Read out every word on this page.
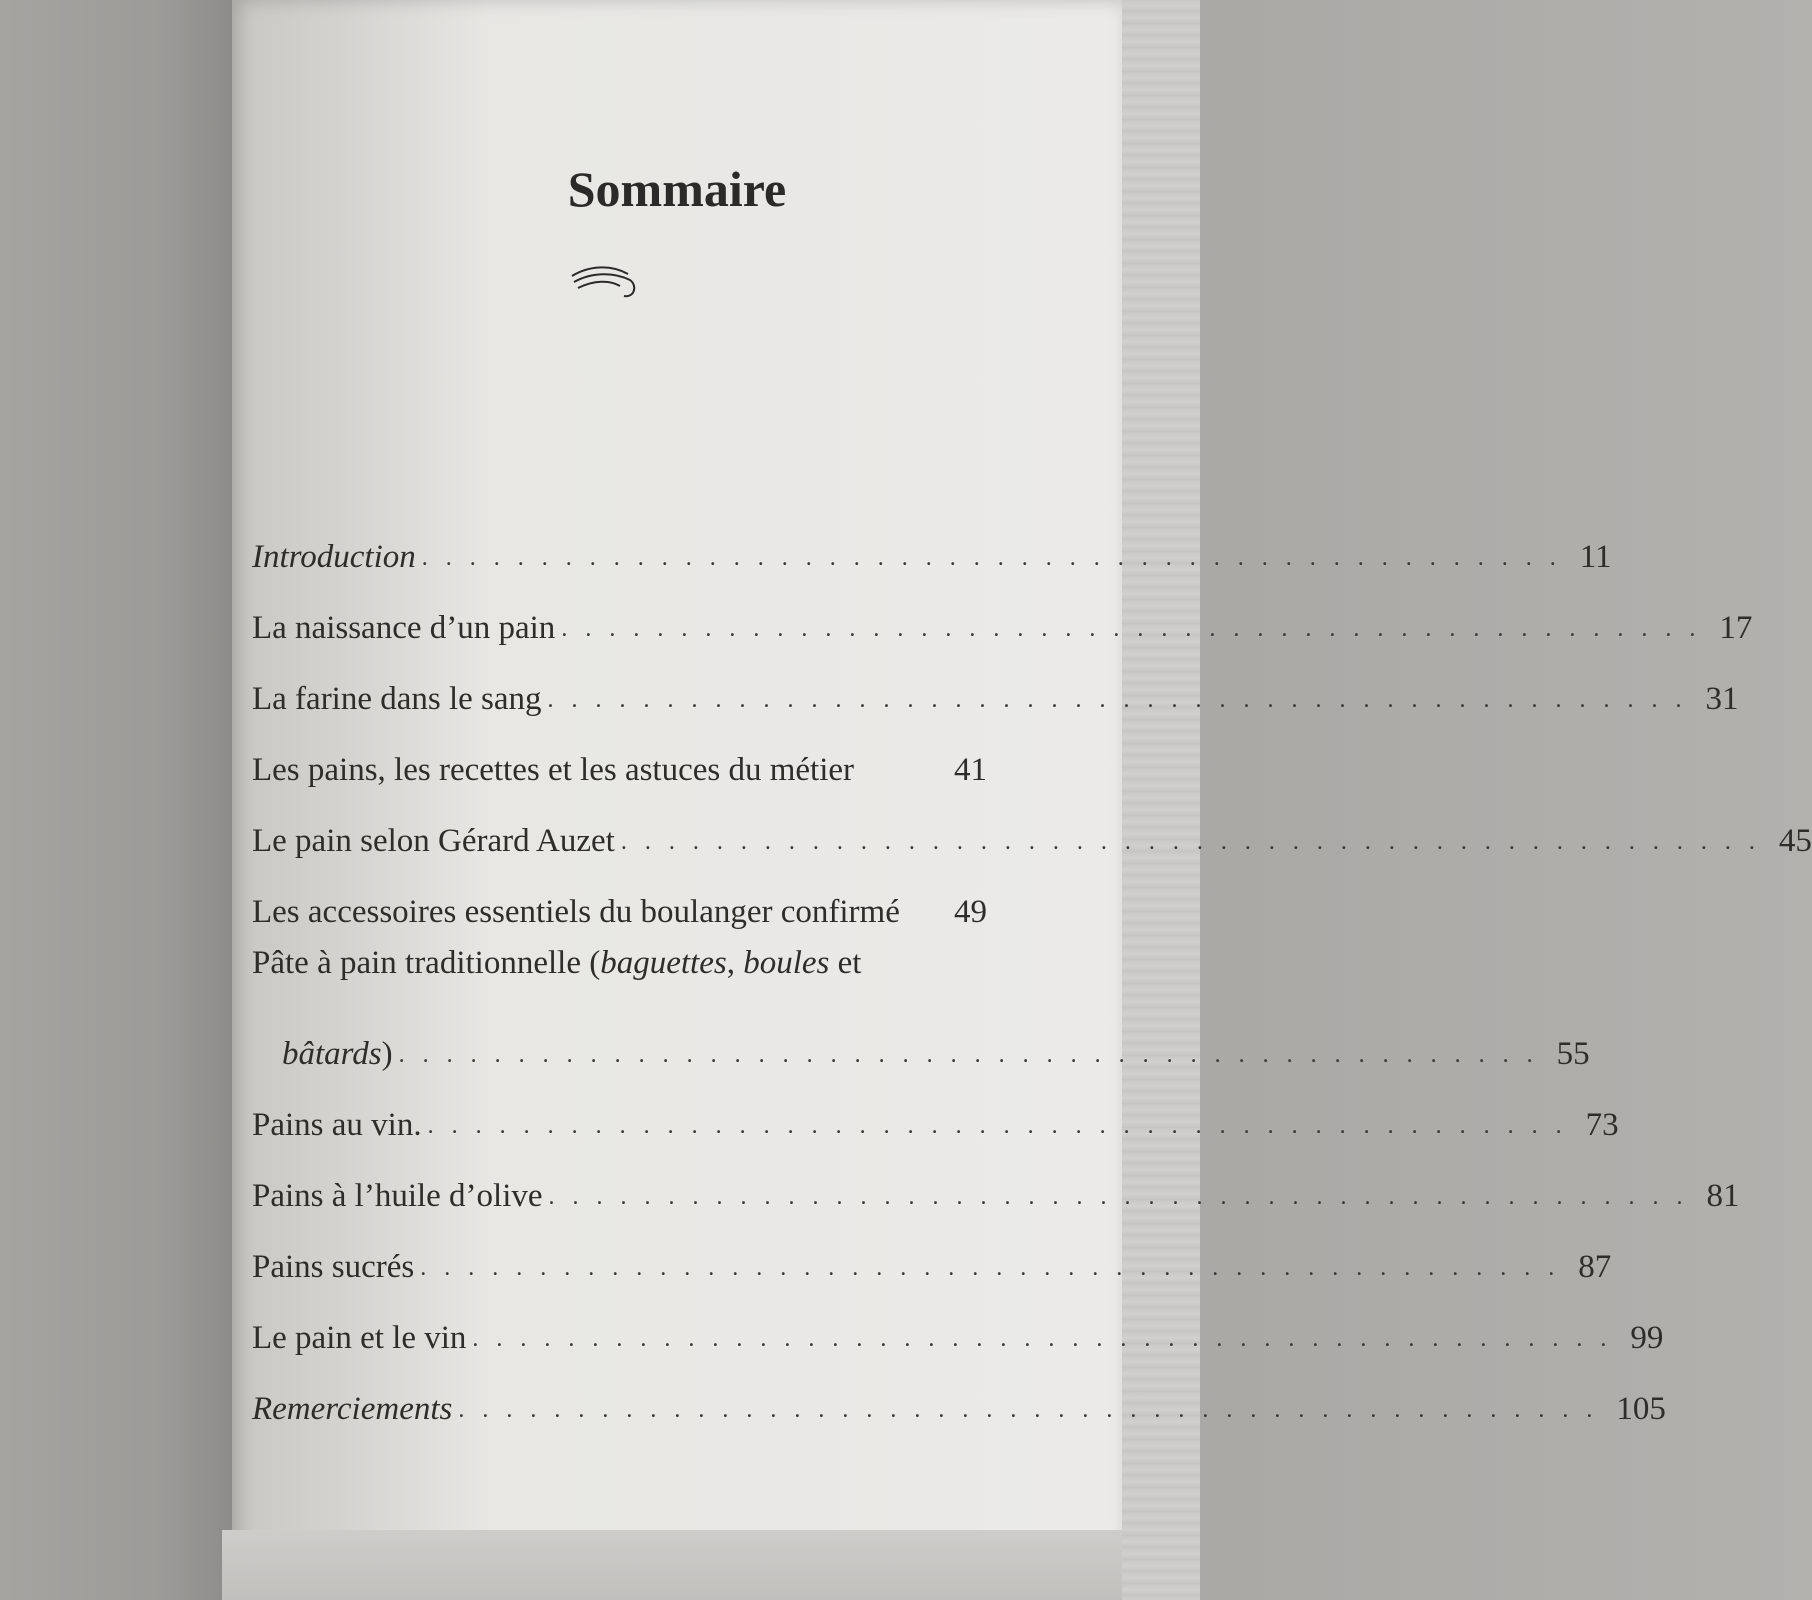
Sommaire
Introduction . . . . . . . . . . . . . . . . . . . . . . . . . . . . . . . . . . . . . . . . . . . . . . . . 11
La naissance d’un pain . . . . . . . . . . . . . . . . . . . . . . . . . . . . . . . . . . . . . . . . . . . . . . . . 17
La farine dans le sang . . . . . . . . . . . . . . . . . . . . . . . . . . . . . . . . . . . . . . . . . . . . . . . . 31
Les pains, les recettes et les astuces du métier	41
Le pain selon Gérard Auzet . . . . . . . . . . . . . . . . . . . . . . . . . . . . . . . . . . . . . . . . . . . . . . . . 45
Les accessoires essentiels du boulanger confirmé	49
Pâte à pain traditionnelle (baguettes, boules et
bâtards) . . . . . . . . . . . . . . . . . . . . . . . . . . . . . . . . . . . . . . . . . . . . . . . . 55
Pains au vin. . . . . . . . . . . . . . . . . . . . . . . . . . . . . . . . . . . . . . . . . . . . . . . . . 73
Pains à l’huile d’olive . . . . . . . . . . . . . . . . . . . . . . . . . . . . . . . . . . . . . . . . . . . . . . . . 81
Pains sucrés . . . . . . . . . . . . . . . . . . . . . . . . . . . . . . . . . . . . . . . . . . . . . . . . 87
Le pain et le vin . . . . . . . . . . . . . . . . . . . . . . . . . . . . . . . . . . . . . . . . . . . . . . . . 99
Remerciements . . . . . . . . . . . . . . . . . . . . . . . . . . . . . . . . . . . . . . . . . . . . . . . . 105
